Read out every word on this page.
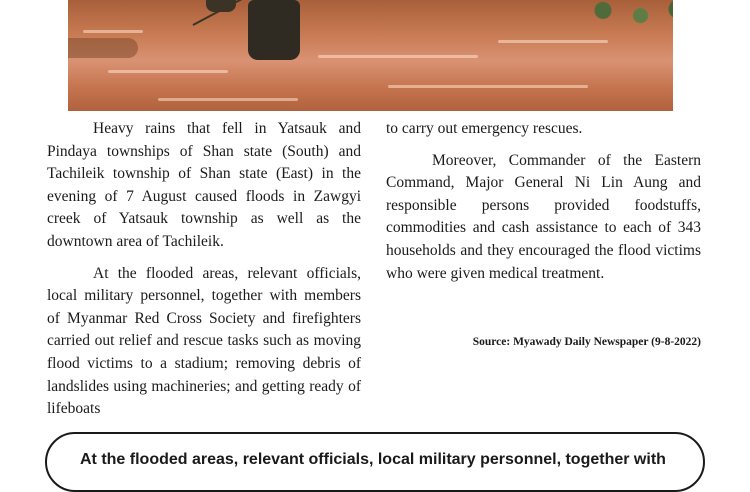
Heavy rains that fell in Yatsauk and Pindaya townships of Shan state (South) and Tachileik township of Shan state (East) in the evening of 7 August caused floods in Zawgyi creek of Yatsauk township as well as the downtown area of Tachileik.

At the flooded areas, relevant officials, local military personnel, together with members of Myanmar Red Cross Society and firefighters carried out relief and rescue tasks such as moving flood victims to a stadium; removing debris of landslides using machineries; and getting ready of lifeboats

to carry out emergency rescues.

Moreover, Commander of the Eastern Command, Major General Ni Lin Aung and responsible persons provided foodstuffs, commodities and cash assistance to each of 343 households and they encouraged the flood victims who were given medical treatment.

Source: Myawady Daily Newspaper (9-8-2022)
At the flooded areas, relevant officials, local military personnel, together with
